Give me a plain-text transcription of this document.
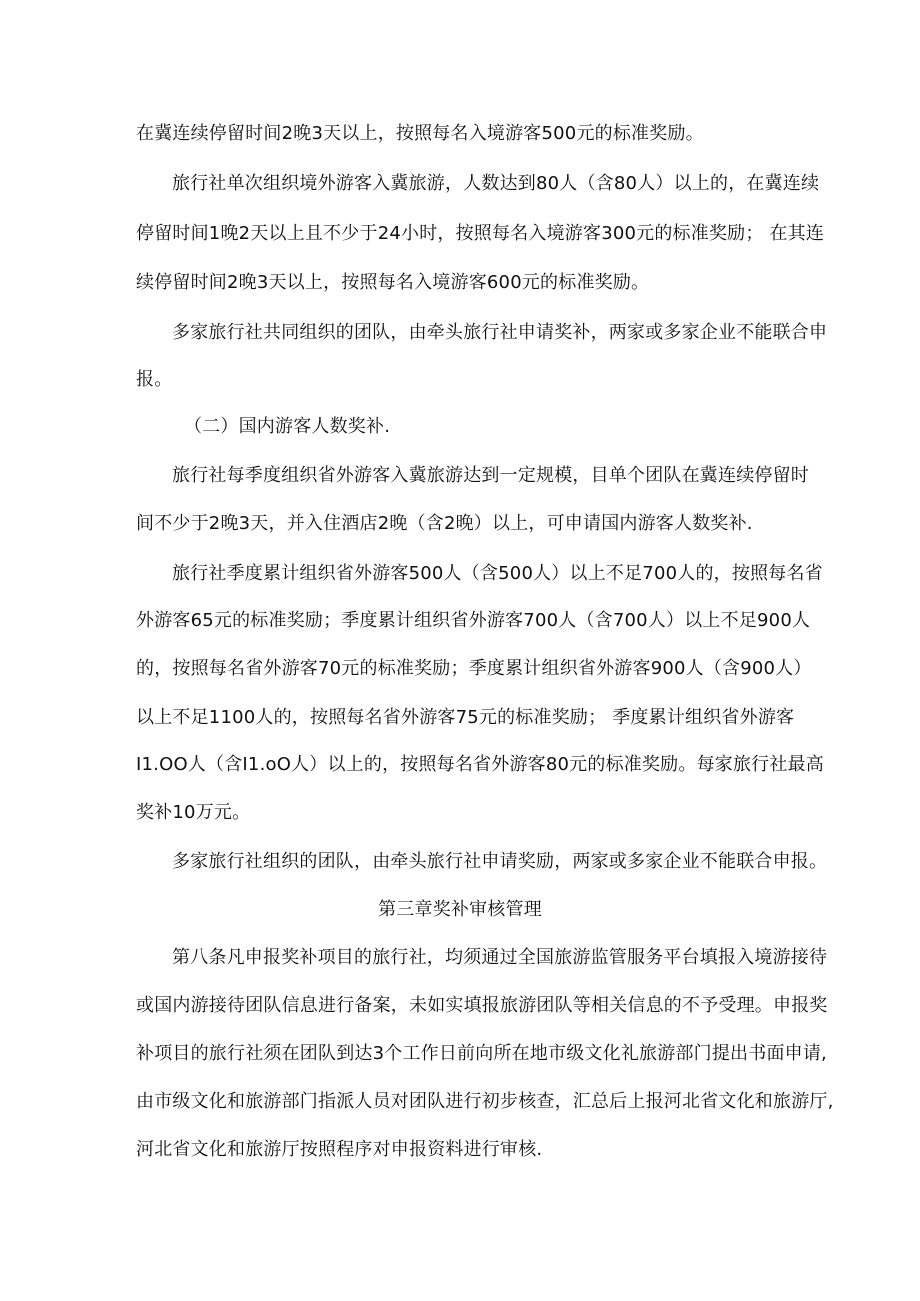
在冀连续停留时间2晚3天以上，按照每名入境游客500元的标准奖励。
旅行社单次组织境外游客入冀旅游，人数达到80人（含80人）以上的，在冀连续
停留时间1晚2天以上且不少于24小时，按照每名入境游客300元的标准奖励； 在其连
续停留时间2晚3天以上，按照每名入境游客600元的标准奖励。
多家旅行社共同组织的团队，由牵头旅行社申请奖补，两家或多家企业不能联合申
报。
（二）国内游客人数奖补.
旅行社每季度组织省外游客入冀旅游达到一定规模，目单个团队在冀连续停留时
间不少于2晚3天，并入住酒店2晚（含2晚）以上，可申请国内游客人数奖补.
旅行社季度累计组织省外游客500人（含500人）以上不足700人的，按照每名省
外游客65元的标准奖励；季度累计组织省外游客700人（含700人）以上不足900人
的，按照每名省外游客70元的标准奖励；季度累计组织省外游客900人（含900人）
以上不足1100人的，按照每名省外游客75元的标准奖励； 季度累计组织省外游客
I1.OO人（含I1.oO人）以上的，按照每名省外游客80元的标准奖励。每家旅行社最高
奖补10万元。
多家旅行社组织的团队，由牵头旅行社申请奖励，两家或多家企业不能联合申报。
第三章奖补审核管理
第八条凡申报奖补项目的旅行社，均须通过全国旅游监管服务平台填报入境游接待
或国内游接待团队信息进行备案，未如实填报旅游团队等相关信息的不予受理。申报奖
补项目的旅行社须在团队到达3个工作日前向所在地市级文化礼旅游部门提出书面申请,
由市级文化和旅游部门指派人员对团队进行初步核查，汇总后上报河北省文化和旅游厅,
河北省文化和旅游厅按照程序对申报资料进行审核.
